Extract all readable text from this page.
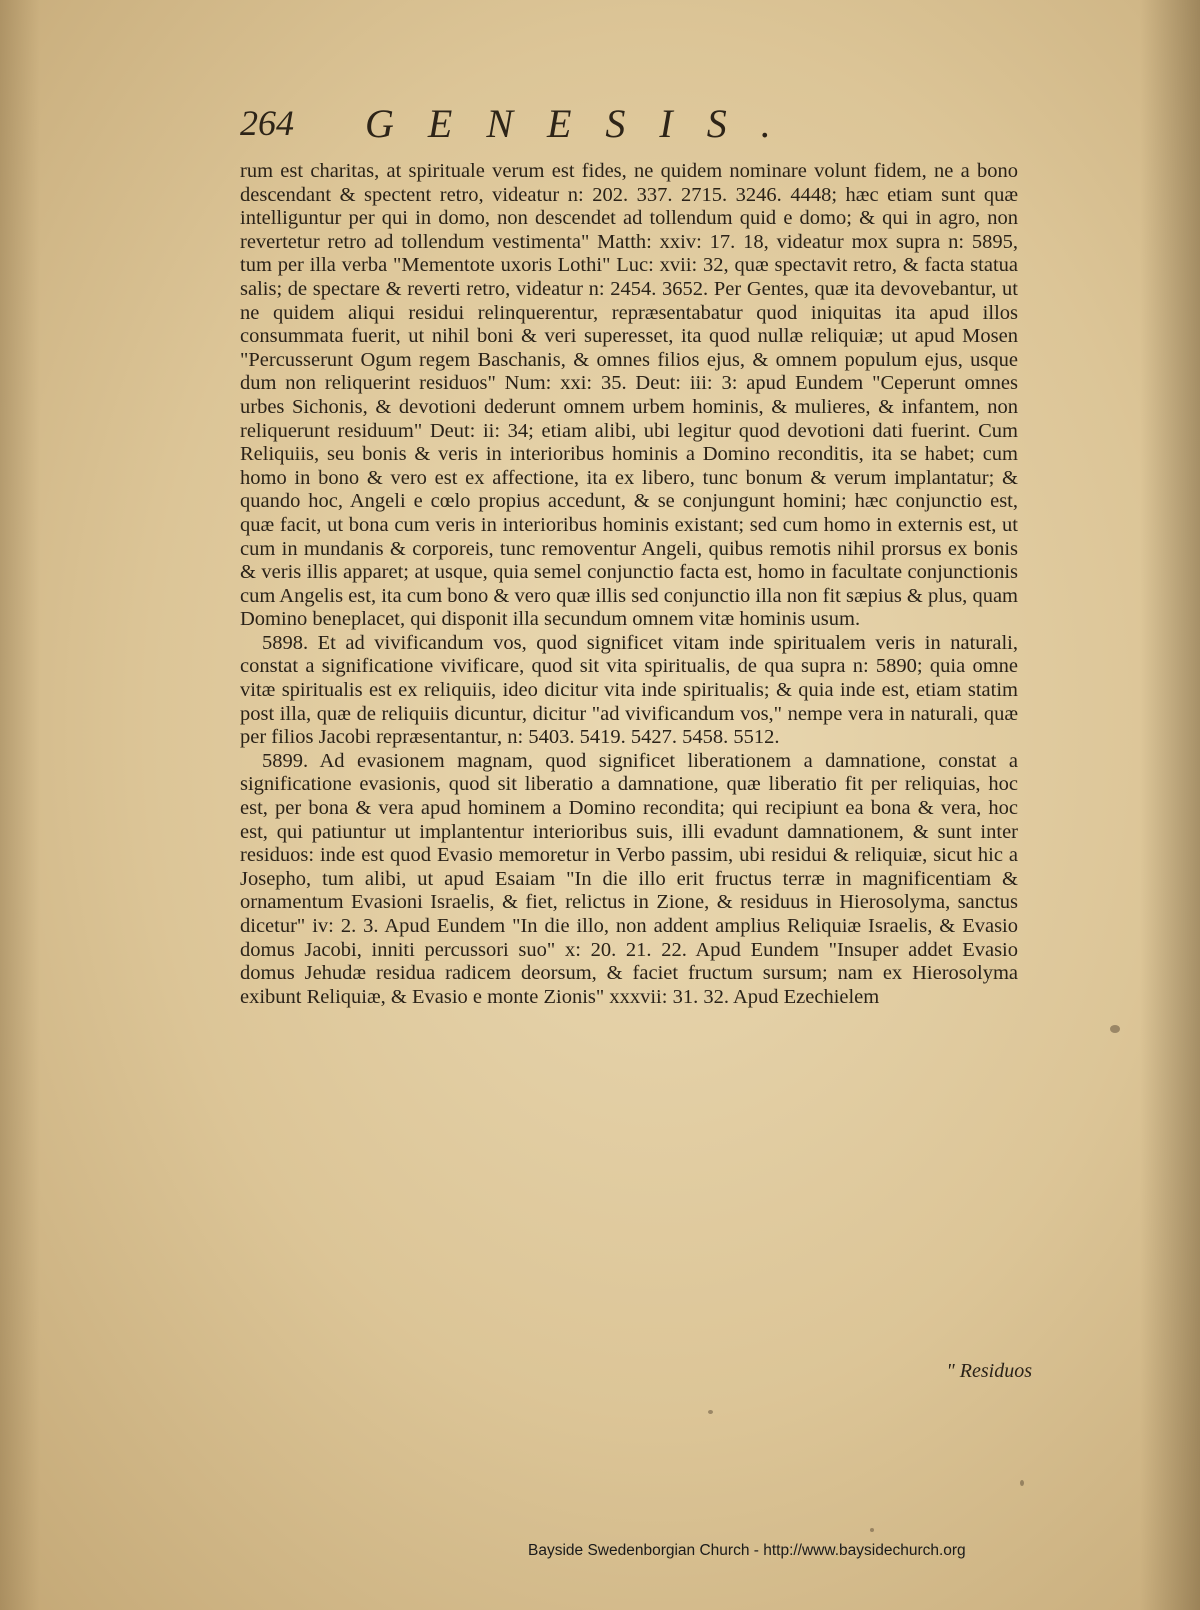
264 GENESIS.

rum est charitas, at spirituale verum est fides, ne quidem nominare volunt fidem, ne a bono descendant & spectent retro, videatur n: 202. 337. 2715. 3246. 4448; hæc etiam sunt quæ intelliguntur per qui in domo, non descendet ad tollendum quid e domo; & qui in agro, non revertetur retro ad tollendum vestimenta" Matth: xxiv: 17. 18, videatur mox supra n: 5895, tum per illa verba "Mementote uxoris Lothi" Luc: xvii: 32, quæ spectavit retro, & facta statua salis; de spectare & reverti retro, videatur n: 2454. 3652. Per Gentes, quæ ita devovebantur, ut ne quidem aliqui residui relinquerentur, repræsentabatur quod iniquitas ita apud illos consummata fuerit, ut nihil boni & veri superesset, ita quod nullæ reliquiæ; ut apud Mosen "Percusserunt Ogum regem Baschanis, & omnes filios ejus, & omnem populum ejus, usque dum non reliquerint residuos" Num: xxi: 35. Deut: iii: 3: apud Eundem "Ceperunt omnes urbes Sichonis, & devotioni dederunt omnem urbem hominis, & mulieres, & infantem, non reliquerunt residuum" Deut: ii: 34; etiam alibi, ubi legitur quod devotioni dati fuerint. Cum Reliquiis, seu bonis & veris in interioribus hominis a Domino reconditis, ita se habet; cum homo in bono & vero est ex affectione, ita ex libero, tunc bonum & verum implantatur; & quando hoc, Angeli e cœlo propius accedunt, & se conjungunt homini; hæc conjunctio est, quæ facit, ut bona cum veris in interioribus hominis existant; sed cum homo in externis est, ut cum in mundanis & corporeis, tunc removentur Angeli, quibus remotis nihil prorsus ex bonis & veris illis apparet; at usque, quia semel conjunctio facta est, homo in facultate conjunctionis cum Angelis est, ita cum bono & vero quæ illis sed conjunctio illa non fit sæpius & plus, quam Domino beneplacet, qui disponit illa secundum omnem vitæ hominis usum.

5898. Et ad vivificandum vos, quod significet vitam inde spiritualem veris in naturali, constat a significatione vivificare, quod sit vita spiritualis, de qua supra n: 5890; quia omne vitæ spiritualis est ex reliquiis, ideo dicitur vita inde spiritualis; & quia inde est, etiam statim post illa, quæ de reliquiis dicuntur, dicitur "ad vivificandum vos," nempe vera in naturali, quæ per filios Jacobi repræsentantur, n: 5403. 5419. 5427. 5458. 5512.

5899. Ad evasionem magnam, quod significet liberationem a damnatione, constat a significatione evasionis, quod sit liberatio a damnatione, quæ liberatio fit per reliquias, hoc est, per bona & vera apud hominem a Domino recondita; qui recipiunt ea bona & vera, hoc est, qui patiuntur ut implantentur interioribus suis, illi evadunt damnationem, & sunt inter residuos: inde est quod Evasio memoretur in Verbo passim, ubi residui & reliquiæ, sicut hic a Josepho, tum alibi, ut apud Esaiam "In die illo erit fructus terræ in magnificentiam & ornamentum Evasioni Israelis, & fiet, relictus in Zione, & residuus in Hierosolyma, sanctus dicetur" iv: 2. 3. Apud Eundem "In die illo, non addent amplius Reliquiæ Israelis, & Evasio domus Jacobi, inniti percussori suo" x: 20. 21. 22. Apud Eundem "Insuper addet Evasio domus Jehudæ residua radicem deorsum, & faciet fructum sursum; nam ex Hierosolyma exibunt Reliquiæ, & Evasio e monte Zionis" xxxvii: 31. 32. Apud Ezechielem

" Residuos
Bayside Swedenborgian Church - http://www.baysidechurch.org
